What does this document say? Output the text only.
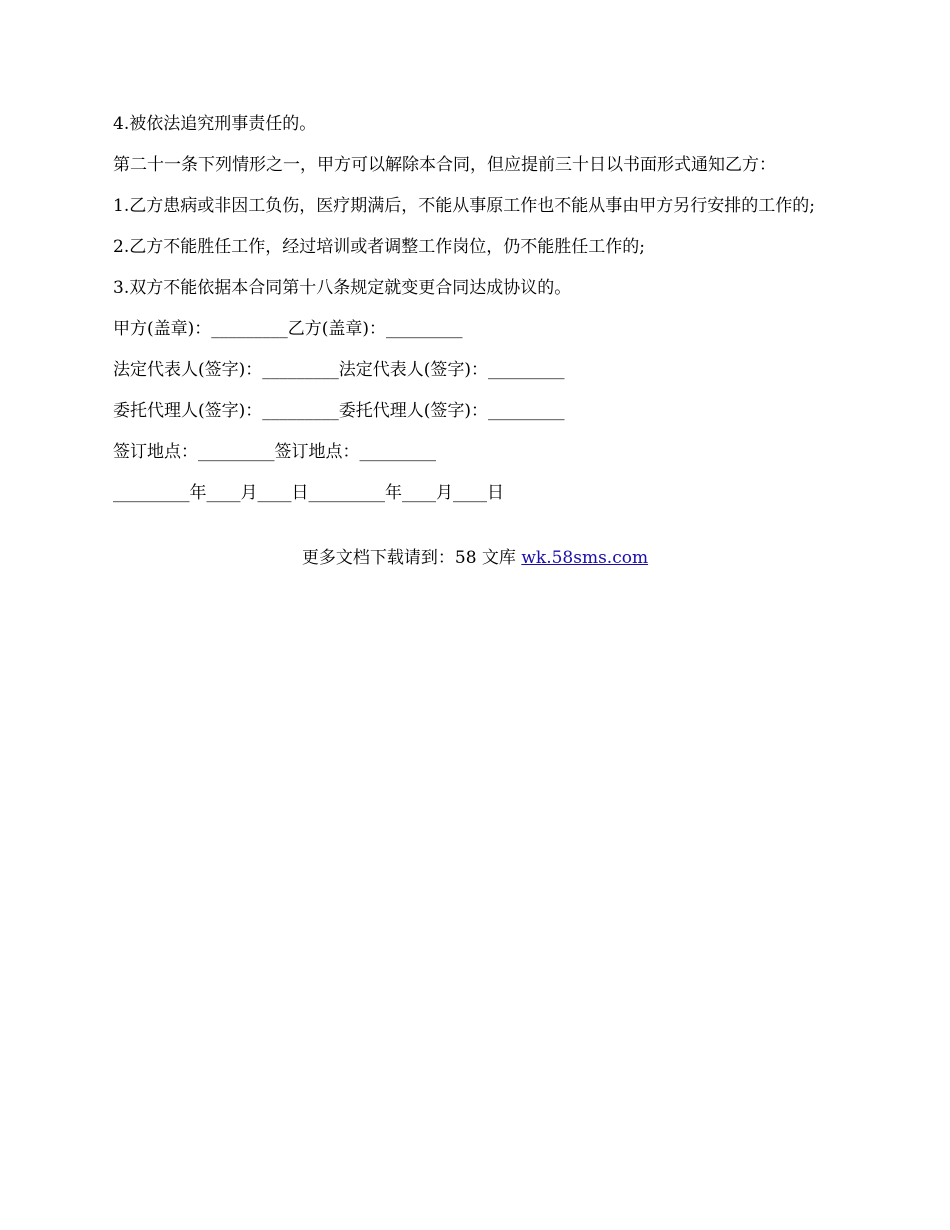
4.被依法追究刑事责任的。

第二十一条下列情形之一，甲方可以解除本合同，但应提前三十日以书面形式通知乙方：

1.乙方患病或非因工负伤，医疗期满后，不能从事原工作也不能从事由甲方另行安排的工作的;

2.乙方不能胜任工作，经过培训或者调整工作岗位，仍不能胜任工作的;

3.双方不能依据本合同第十八条规定就变更合同达成协议的。

甲方(盖章)：_________乙方(盖章)：_________

法定代表人(签字)：_________法定代表人(签字)：_________

委托代理人(签字)：_________委托代理人(签字)：_________

签订地点：_________签订地点：_________

_________年____月____日_________年____月____日

更多文档下载请到：58 文库 wk.58sms.com
